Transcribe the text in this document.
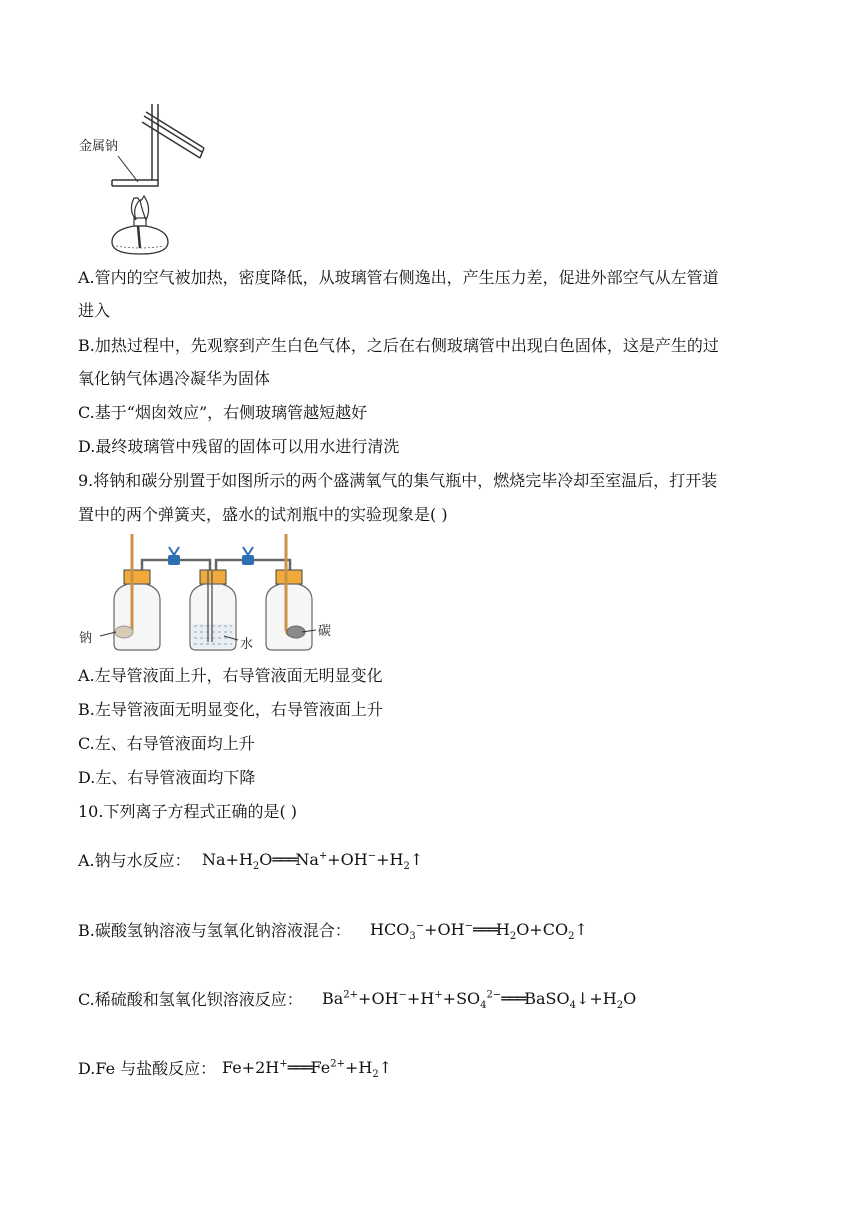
金属钠
A.管内的空气被加热，密度降低，从玻璃管右侧逸出，产生压力差，促进外部空气从左管道
进入
B.加热过程中，先观察到产生白色气体，之后在右侧玻璃管中出现白色固体，这是产生的过
氧化钠气体遇冷凝华为固体
C.基于“烟囱效应”，右侧玻璃管越短越好
D.最终玻璃管中残留的固体可以用水进行清洗
9.将钠和碳分别置于如图所示的两个盛满氧气的集气瓶中，燃烧完毕冷却至室温后，打开装
置中的两个弹簧夹，盛水的试剂瓶中的实验现象是( )
钠	水
碳
A.左导管液面上升，右导管液面无明显变化
B.左导管液面无明显变化，右导管液面上升
C.左、右导管液面均上升
D.左、右导管液面均下降
10.下列离子方程式正确的是( )
A.钠与水反应： $Na+H_2O═══Na^++OH^-+H_2↑$
B.碳酸氢钠溶液与氢氧化钠溶液混合： $HCO_3^-+OH^-═══H_2O+CO_2↑$
C.稀硫酸和氢氧化钡溶液反应： $Ba^{2+}+OH^-+H^++SO_4^{2-}═══BaSO_4↓+H_2O$
D.Fe 与盐酸反应： $Fe+2H^+═══Fe^{2+}+H_2↑$
